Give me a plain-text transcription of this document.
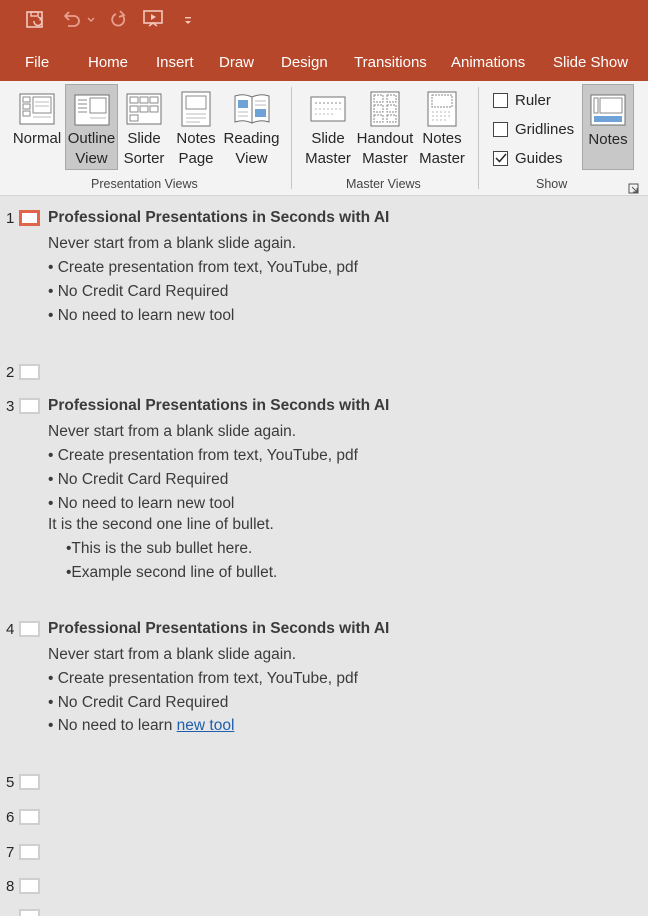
File	Home Insert Draw Design Transitions Animations Slide Show
Normal Outline
View
Slide
Sorter
Notes
Page
Reading
View
Presentation Views
Slide
Master
Handout
Master
Notes
Master
Master Views
Ruler
Gridlines
Guides
Notes
Show
1 Professional Presentations in Seconds with AI
Never start from a blank slide again.
• Create presentation from text, YouTube, pdf
• No Credit Card Required
• No need to learn new tool
2
3 Professional Presentations in Seconds with AI
Never start from a blank slide again.
• Create presentation from text, YouTube, pdf
• No Credit Card Required
• No need to learn new tool
It is the second one line of bullet.
•This is the sub bullet here.
•Example second line of bullet.
4 Professional Presentations in Seconds with AI
Never start from a blank slide again.
• Create presentation from text, YouTube, pdf
• No Credit Card Required
• No need to learn new tool
5
6
7
8
